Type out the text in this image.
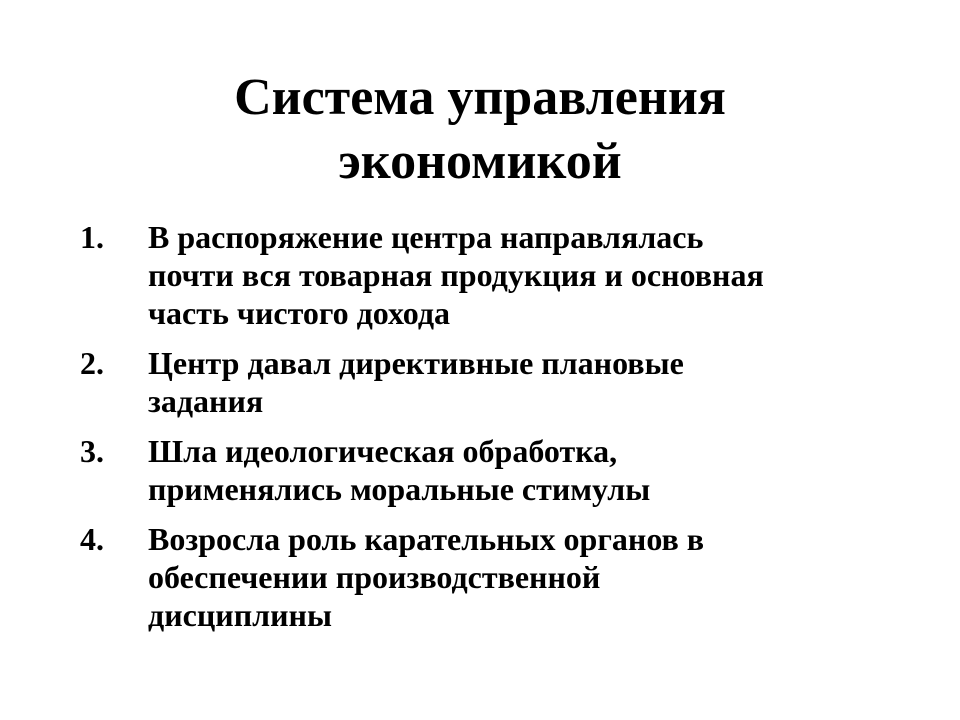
Система управления
экономикой
1. В распоряжение центра направлялась
почти вся товарная продукция и основная
часть чистого дохода
2. Центр давал директивные плановые
задания
3. Шла идеологическая обработка,
применялись моральные стимулы
4. Возросла роль карательных органов в
обеспечении производственной
дисциплины
